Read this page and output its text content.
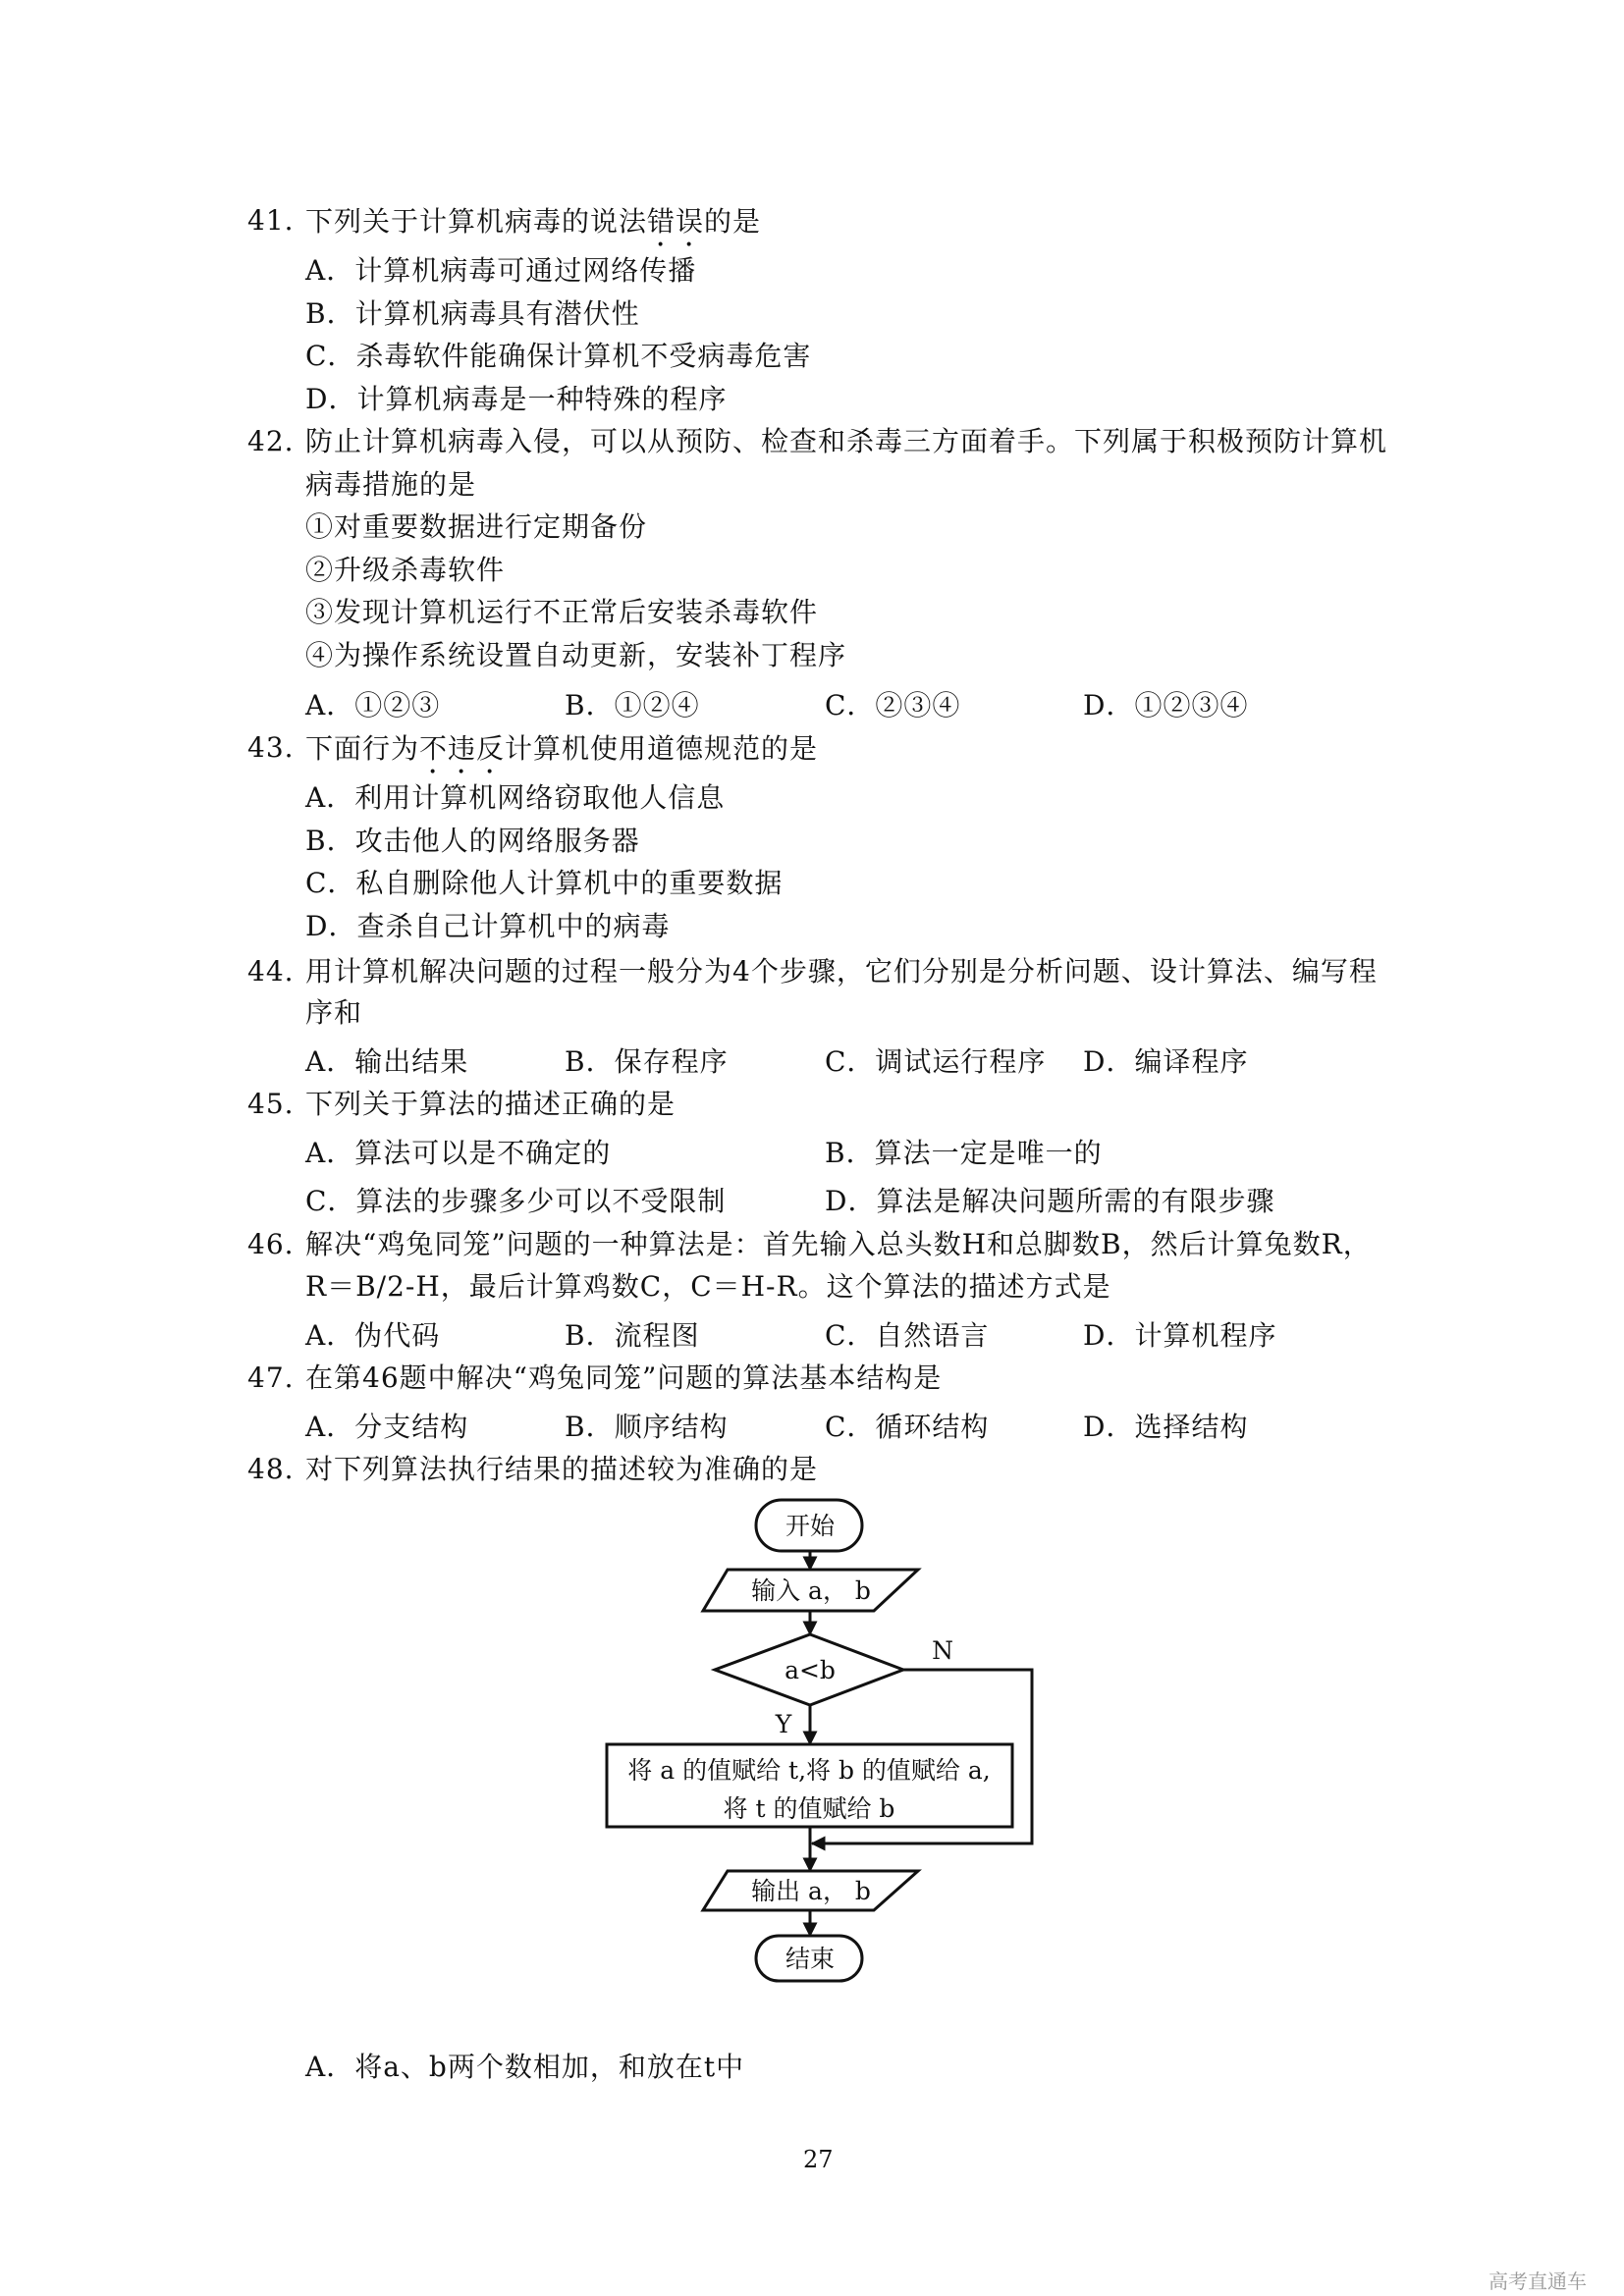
41. 下列关于计算机病毒的说法错误的是
A．计算机病毒可通过网络传播
B．计算机病毒具有潜伏性
C．杀毒软件能确保计算机不受病毒危害
D．计算机病毒是一种特殊的程序
42. 防止计算机病毒入侵，可以从预防、检查和杀毒三方面着手。下列属于积极预防计算机
病毒措施的是
①对重要数据进行定期备份
②升级杀毒软件
③发现计算机运行不正常后安装杀毒软件
④为操作系统设置自动更新，安装补丁程序
A．①②③	B．①②④	C．②③④	D．①②③④
43. 下面行为不违反计算机使用道德规范的是
A．利用计算机网络窃取他人信息
B．攻击他人的网络服务器
C．私自删除他人计算机中的重要数据
D．查杀自己计算机中的病毒
44. 用计算机解决问题的过程一般分为4个步骤，它们分别是分析问题、设计算法、编写程
序和
A．输出结果	B．保存程序	C．调试运行程序 D．编译程序
45. 下列关于算法的描述正确的是
A．算法可以是不确定的	B．算法一定是唯一的
C．算法的步骤多少可以不受限制	D．算法是解决问题所需的有限步骤
46. 解决“鸡兔同笼”问题的一种算法是：首先输入总头数H和总脚数B，然后计算兔数R，
R＝B/2-H，最后计算鸡数C，C＝H-R。这个算法的描述方式是
A．伪代码	B．流程图	C．自然语言	D．计算机程序
47. 在第46题中解决“鸡兔同笼”问题的算法基本结构是
A．分支结构	B．顺序结构	C．循环结构	D．选择结构
48. 对下列算法执行结果的描述较为准确的是
开始
输入 a， b
a<b
N
Y
将 a 的值赋给 t,将 b 的值赋给 a,
将 t 的值赋给 b
输出 a， b
结束
A．将a、b两个数相加，和放在t中
27
高考直通车
